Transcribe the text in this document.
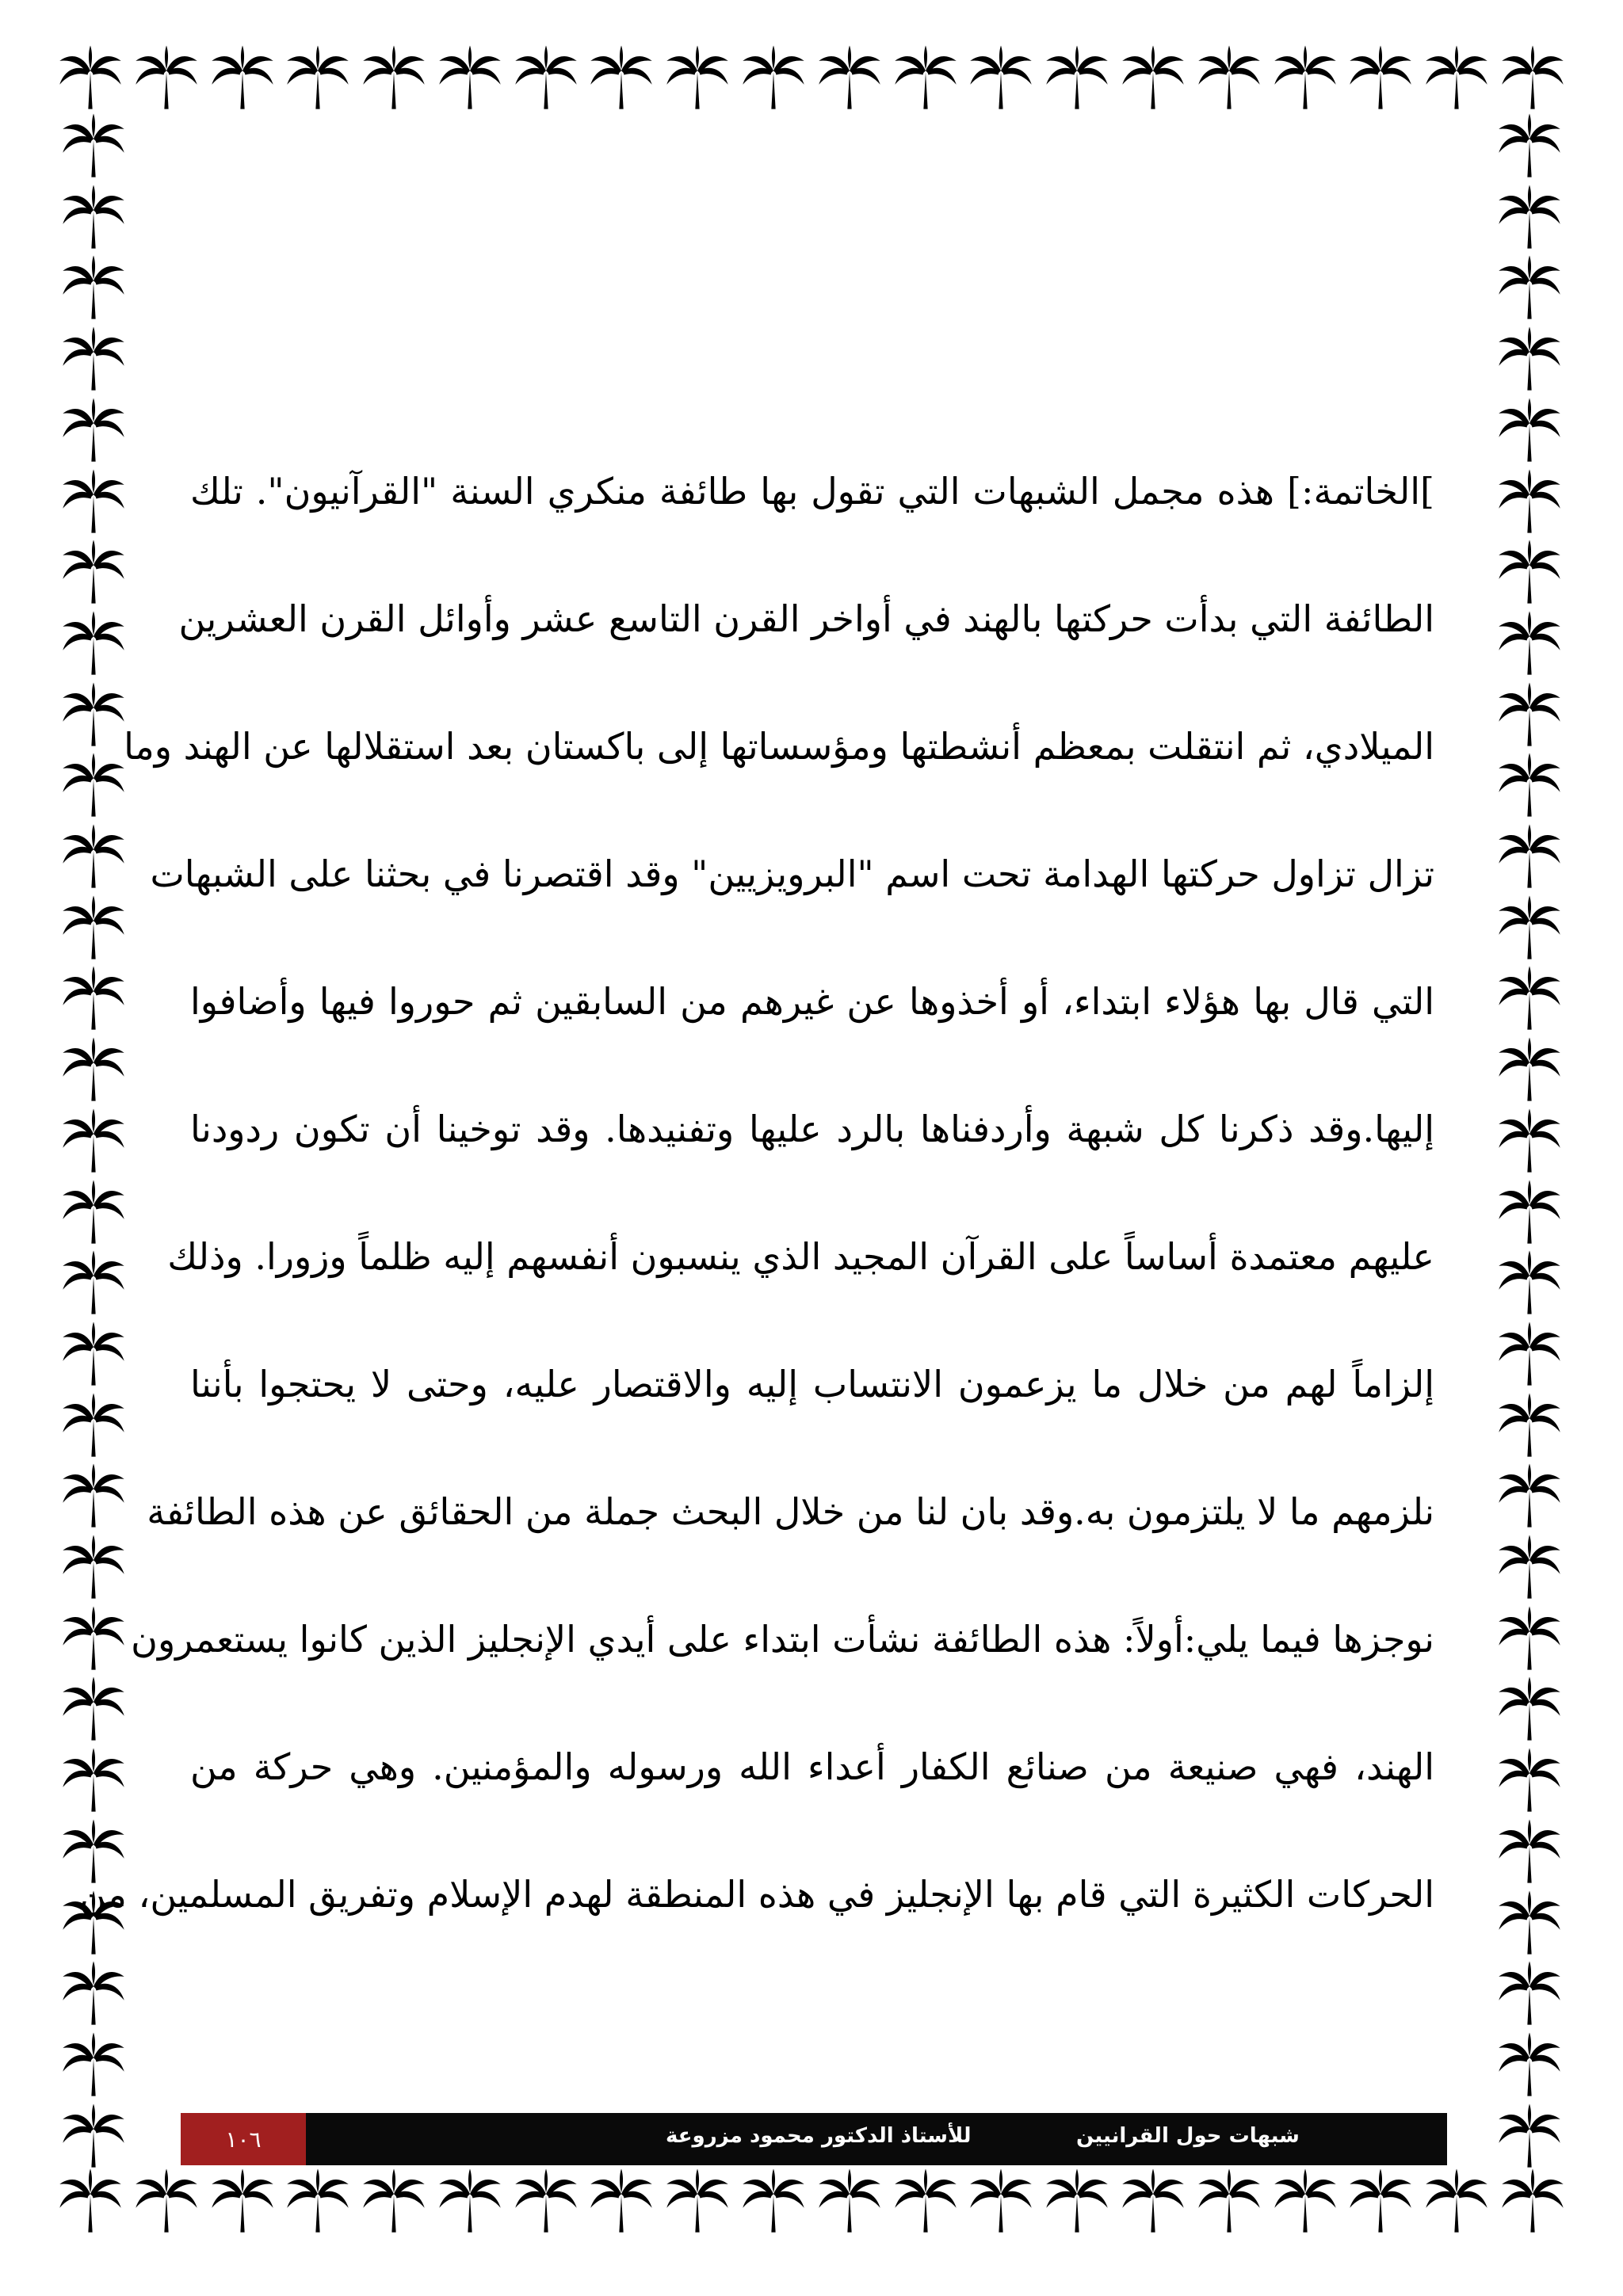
]الخاتمة:] هذه مجمل الشبهات التي تقول بها طائفة منكري السنة "القرآنيون". تلك
الطائفة التي بدأت حركتها بالهند في أواخر القرن التاسع عشر وأوائل القرن العشرين
الميلادي، ثم انتقلت بمعظم أنشطتها ومؤسساتها إلى باكستان بعد استقلالها عن الهند وما
تزال تزاول حركتها الهدامة تحت اسم "البرويزيين" وقد اقتصرنا في بحثنا على الشبهات
التي قال بها هؤلاء ابتداء، أو أخذوها عن غيرهم من السابقين ثم حوروا فيها وأضافوا
إليها.وقد ذكرنا كل شبهة وأردفناها بالرد عليها وتفنيدها. وقد توخينا أن تكون ردودنا
عليهم معتمدة أساساً على القرآن المجيد الذي ينسبون أنفسهم إليه ظلماً وزورا. وذلك
إلزاماً لهم من خلال ما يزعمون الانتساب إليه والاقتصار عليه، وحتى لا يحتجوا بأننا
نلزمهم ما لا يلتزمون به.وقد بان لنا من خلال البحث جملة من الحقائق عن هذه الطائفة
نوجزها فيما يلي:أولاً: هذه الطائفة نشأت ابتداء على أيدي الإنجليز الذين كانوا يستعمرون
الهند، فهي صنيعة من صنائع الكفار أعداء الله ورسوله والمؤمنين. وهي حركة من
الحركات الكثيرة التي قام بها الإنجليز في هذه المنطقة لهدم الإسلام وتفريق المسلمين، من
١٠٦	للأستاذ الدكتور محمود مزروعة	شبهات حول القرانيين
